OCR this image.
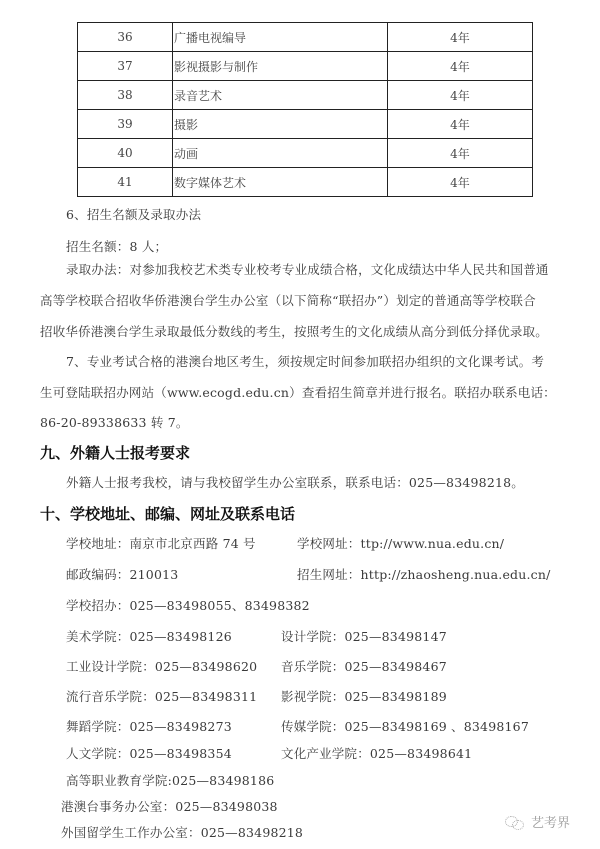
36	广播电视编导	4年
37	影视摄影与制作	4年
38	录音艺术	4年
39	摄影	4年
40	动画	4年
41	数字媒体艺术	4年
6、招生名额及录取办法
招生名额：8 人；
录取办法：对参加我校艺术类专业校考专业成绩合格，文化成绩达中华人民共和国普通
高等学校联合招收华侨港澳台学生办公室（以下简称“联招办”）划定的普通高等学校联合
招收华侨港澳台学生录取最低分数线的考生，按照考生的文化成绩从高分到低分择优录取。
7、专业考试合格的港澳台地区考生，须按规定时间参加联招办组织的文化课考试。考
生可登陆联招办网站（www.ecogd.edu.cn）查看招生简章并进行报名。联招办联系电话：
86-20-89338633 转 7。
九、外籍人士报考要求
外籍人士报考我校，请与我校留学生办公室联系，联系电话：025—83498218。
十、学校地址、邮编、网址及联系电话
学校地址：南京市北京西路 74 号	学校网址：ttp://www.nua.edu.cn/
邮政编码：210013	招生网址：http://zhaosheng.nua.edu.cn/
学校招办：025—83498055、83498382
美术学院：025—83498126	设计学院：025—83498147
工业设计学院：025—83498620 音乐学院：025—83498467
流行音乐学院：025—83498311 影视学院：025—83498189
舞蹈学院：025—83498273	传媒学院：025—83498169 、83498167
人文学院：025—83498354	文化产业学院：025—83498641
高等职业教育学院:025—83498186
港澳台事务办公室：025—83498038
外国留学生工作办公室：025—83498218
艺考界
